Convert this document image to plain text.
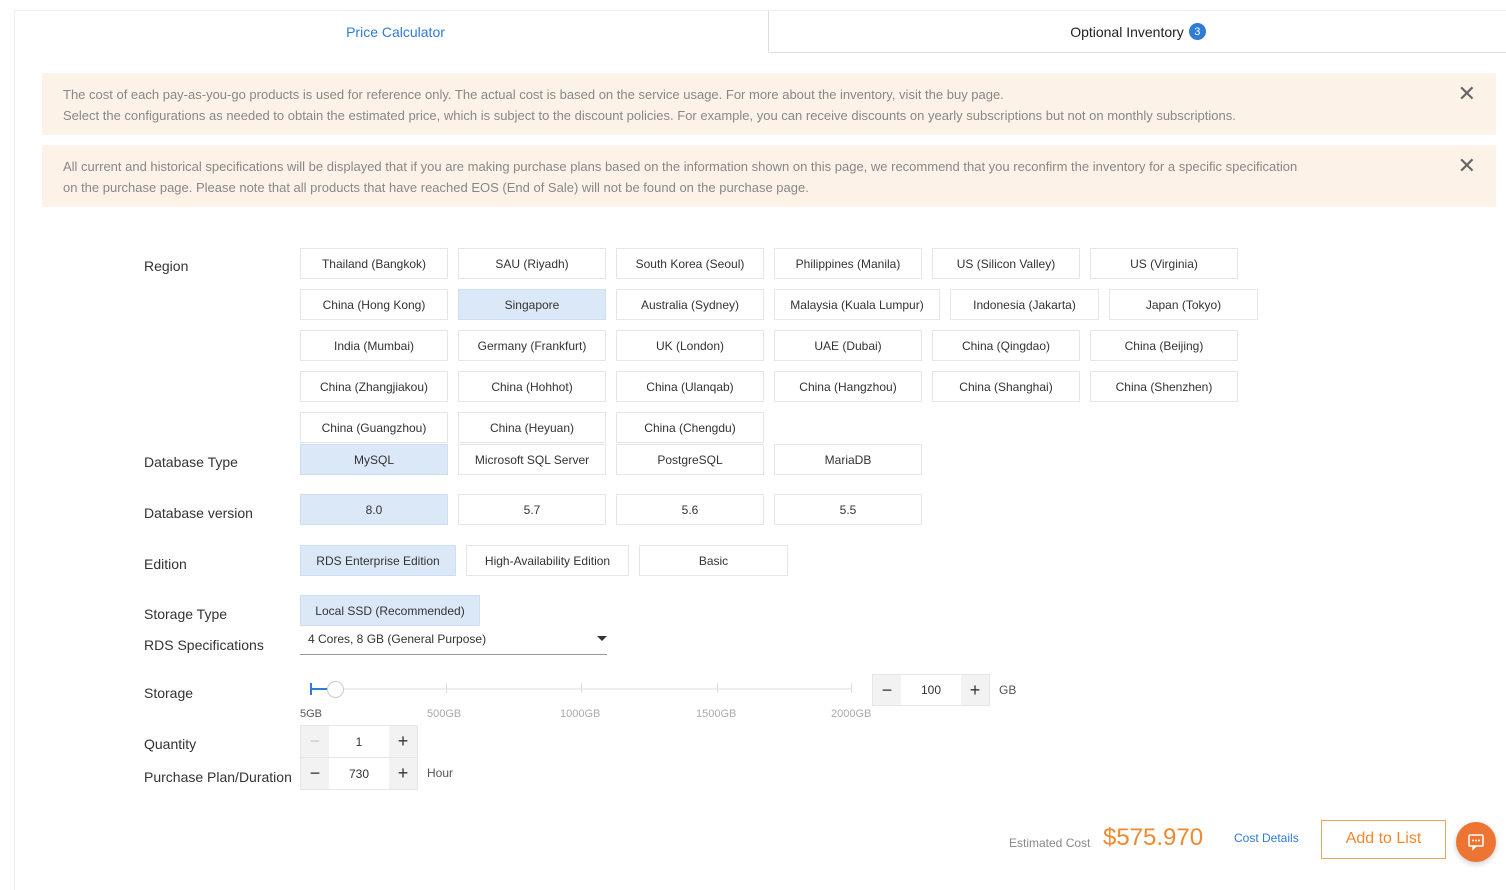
Price Calculator	Optional Inventory 3
The cost of each pay-as-you-go products is used for reference only. The actual cost is based on the service usage. For more about the inventory, visit the buy page.
Select the configurations as needed to obtain the estimated price, which is subject to the discount policies. For example, you can receive discounts on yearly subscriptions but not on monthly subscriptions.
✕
All current and historical specifications will be displayed that if you are making purchase plans based on the information shown on this page, we recommend that you reconfirm the inventory for a specific specification
on the purchase page. Please note that all products that have reached EOS (End of Sale) will not be found on the purchase page.
✕
Region	Thailand (Bangkok)	SAU (Riyadh)	South Korea (Seoul)	Philippines (Manila)	US (Silicon Valley)	US (Virginia)
China (Hong Kong)	Singapore	Australia (Sydney)	Malaysia (Kuala Lumpur)	Indonesia (Jakarta)	Japan (Tokyo)
India (Mumbai)	Germany (Frankfurt)	UK (London)	UAE (Dubai)	China (Qingdao)	China (Beijing)
China (Zhangjiakou)	China (Hohhot)	China (Ulanqab)	China (Hangzhou)	China (Shanghai)	China (Shenzhen)
China (Guangzhou)	China (Heyuan)	China (Chengdu)
Database Type	MySQL	Microsoft SQL Server	PostgreSQL	MariaDB
Database version	8.0	5.7	5.6	5.5
Edition	RDS Enterprise Edition	High-Availability Edition	Basic
Storage Type	Local SSD (Recommended)
RDS Specifications	4 Cores, 8 GB (General Purpose)
Storage
5GB	500GB	1000GB	1500GB	2000GB
−	100	+	GB
Quantity	−	1	+
Purchase Plan/Duration −	730	+	Hour
Estimated Cost $575.970	Cost Details	Add to List
